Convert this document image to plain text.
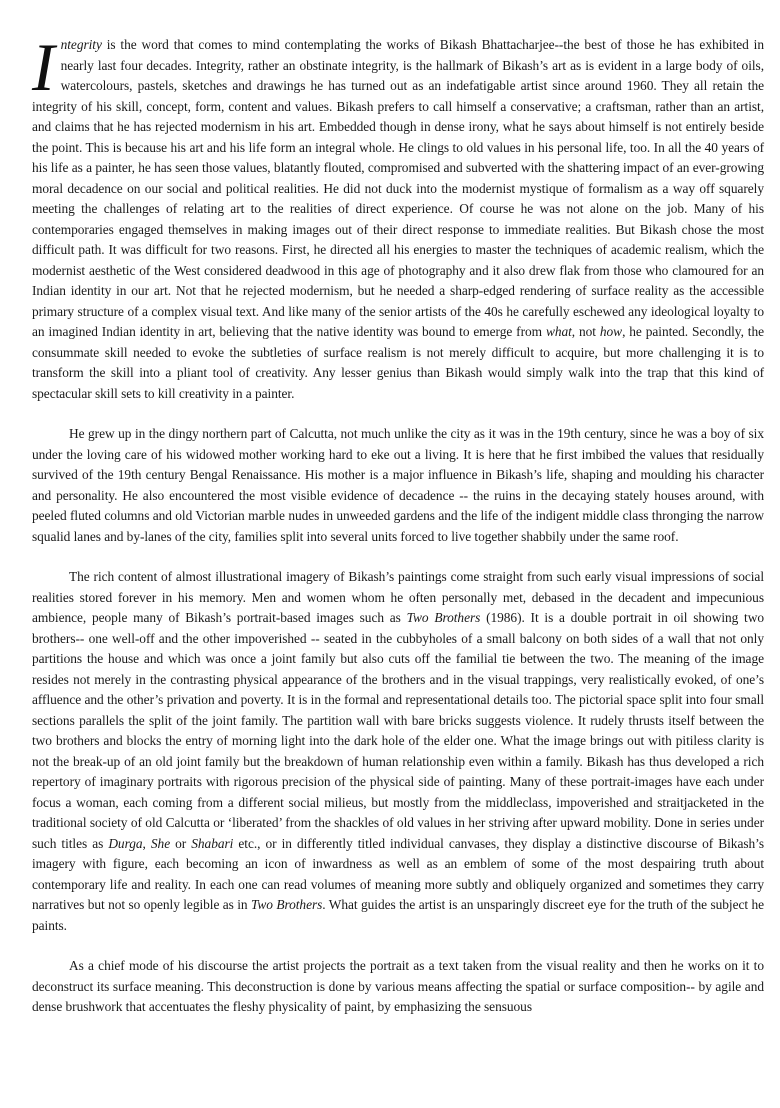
Integrity is the word that comes to mind contemplating the works of Bikash Bhattacharjee--the best of those he has exhibited in nearly last four decades. Integrity, rather an obstinate integrity, is the hallmark of Bikash’s art as is evident in a large body of oils, watercolours, pastels, sketches and drawings he has turned out as an indefatigable artist since around 1960. They all retain the integrity of his skill, concept, form, content and values. Bikash prefers to call himself a conservative; a craftsman, rather than an artist, and claims that he has rejected modernism in his art. Embedded though in dense irony, what he says about himself is not entirely beside the point. This is because his art and his life form an integral whole. He clings to old values in his personal life, too. In all the 40 years of his life as a painter, he has seen those values, blatantly flouted, compromised and subverted with the shattering impact of an ever-growing moral decadence on our social and political realities. He did not duck into the modernist mystique of formalism as a way off squarely meeting the challenges of relating art to the realities of direct experience. Of course he was not alone on the job. Many of his contemporaries engaged themselves in making images out of their direct response to immediate realities. But Bikash chose the most difficult path. It was difficult for two reasons. First, he directed all his energies to master the techniques of academic realism, which the modernist aesthetic of the West considered deadwood in this age of photography and it also drew flak from those who clamoured for an Indian identity in our art. Not that he rejected modernism, but he needed a sharp-edged rendering of surface reality as the accessible primary structure of a complex visual text. And like many of the senior artists of the 40s he carefully eschewed any ideological loyalty to an imagined Indian identity in art, believing that the native identity was bound to emerge from what, not how, he painted. Secondly, the consummate skill needed to evoke the subtleties of surface realism is not merely difficult to acquire, but more challenging it is to transform the skill into a pliant tool of creativity. Any lesser genius than Bikash would simply walk into the trap that this kind of spectacular skill sets to kill creativity in a painter.

He grew up in the dingy northern part of Calcutta, not much unlike the city as it was in the 19th century, since he was a boy of six under the loving care of his widowed mother working hard to eke out a living. It is here that he first imbibed the values that residually survived of the 19th century Bengal Renaissance. His mother is a major influence in Bikash’s life, shaping and moulding his character and personality. He also encountered the most visible evidence of decadence -- the ruins in the decaying stately houses around, with peeled fluted columns and old Victorian marble nudes in unweeded gardens and the life of the indigent middle class thronging the narrow squalid lanes and by-lanes of the city, families split into several units forced to live together shabbily under the same roof.

The rich content of almost illustrational imagery of Bikash’s paintings come straight from such early visual impressions of social realities stored forever in his memory. Men and women whom he often personally met, debased in the decadent and impecunious ambience, people many of Bikash’s portrait-based images such as Two Brothers (1986). It is a double portrait in oil showing two brothers-- one well-off and the other impoverished -- seated in the cubbyholes of a small balcony on both sides of a wall that not only partitions the house and which was once a joint family but also cuts off the familial tie between the two. The meaning of the image resides not merely in the contrasting physical appearance of the brothers and in the visual trappings, very realistically evoked, of one’s affluence and the other’s privation and poverty. It is in the formal and representational details too. The pictorial space split into four small sections parallels the split of the joint family. The partition wall with bare bricks suggests violence. It rudely thrusts itself between the two brothers and blocks the entry of morning light into the dark hole of the elder one. What the image brings out with pitiless clarity is not the break-up of an old joint family but the breakdown of human relationship even within a family. Bikash has thus developed a rich repertory of imaginary portraits with rigorous precision of the physical side of painting. Many of these portrait-images have each under focus a woman, each coming from a different social milieus, but mostly from the middleclass, impoverished and straitjacketed in the traditional society of old Calcutta or ‘liberated’ from the shackles of old values in her striving after upward mobility. Done in series under such titles as Durga, She or Shabari etc., or in differently titled individual canvases, they display a distinctive discourse of Bikash’s imagery with figure, each becoming an icon of inwardness as well as an emblem of some of the most despairing truth about contemporary life and reality. In each one can read volumes of meaning more subtly and obliquely organized and sometimes they carry narratives but not so openly legible as in Two Brothers. What guides the artist is an unsparingly discreet eye for the truth of the subject he paints.

As a chief mode of his discourse the artist projects the portrait as a text taken from the visual reality and then he works on it to deconstruct its surface meaning. This deconstruction is done by various means affecting the spatial or surface composition-- by agile and dense brushwork that accentuates the fleshy physicality of paint, by emphasizing the sensuous
